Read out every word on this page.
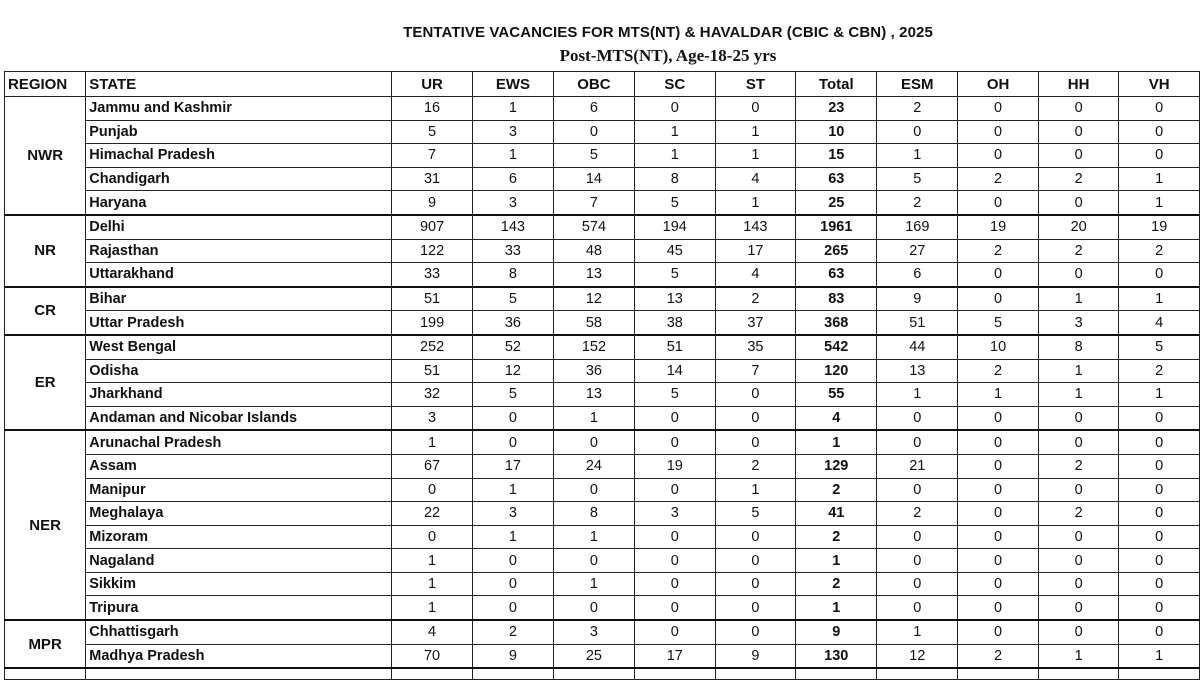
TENTATIVE VACANCIES FOR MTS(NT) & HAVALDAR (CBIC & CBN) , 2025
Post-MTS(NT), Age-18-25 yrs
REGION	STATE	UR	EWS	OBC	SC	ST	Total	ESM	OH	HH	VH
NWR	Jammu and Kashmir	16	1	6	0	0	23	2	0	0	0
	Punjab	5	3	0	1	1	10	0	0	0	0
	Himachal Pradesh	7	1	5	1	1	15	1	0	0	0
	Chandigarh	31	6	14	8	4	63	5	2	2	1
	Haryana	9	3	7	5	1	25	2	0	0	1
NR	Delhi	907	143	574	194	143	1961	169	19	20	19
	Rajasthan	122	33	48	45	17	265	27	2	2	2
	Uttarakhand	33	8	13	5	4	63	6	0	0	0
CR	Bihar	51	5	12	13	2	83	9	0	1	1
	Uttar Pradesh	199	36	58	38	37	368	51	5	3	4
ER	West Bengal	252	52	152	51	35	542	44	10	8	5
	Odisha	51	12	36	14	7	120	13	2	1	2
	Jharkhand	32	5	13	5	0	55	1	1	1	1
	Andaman and Nicobar Islands	3	0	1	0	0	4	0	0	0	0
NER	Arunachal Pradesh	1	0	0	0	0	1	0	0	0	0
	Assam	67	17	24	19	2	129	21	0	2	0
	Manipur	0	1	0	0	1	2	0	0	0	0
	Meghalaya	22	3	8	3	5	41	2	0	2	0
	Mizoram	0	1	1	0	0	2	0	0	0	0
	Nagaland	1	0	0	0	0	1	0	0	0	0
	Sikkim	1	0	1	0	0	2	0	0	0	0
	Tripura	1	0	0	0	0	1	0	0	0	0
MPR	Chhattisgarh	4	2	3	0	0	9	1	0	0	0
	Madhya Pradesh	70	9	25	17	9	130	12	2	1	1
